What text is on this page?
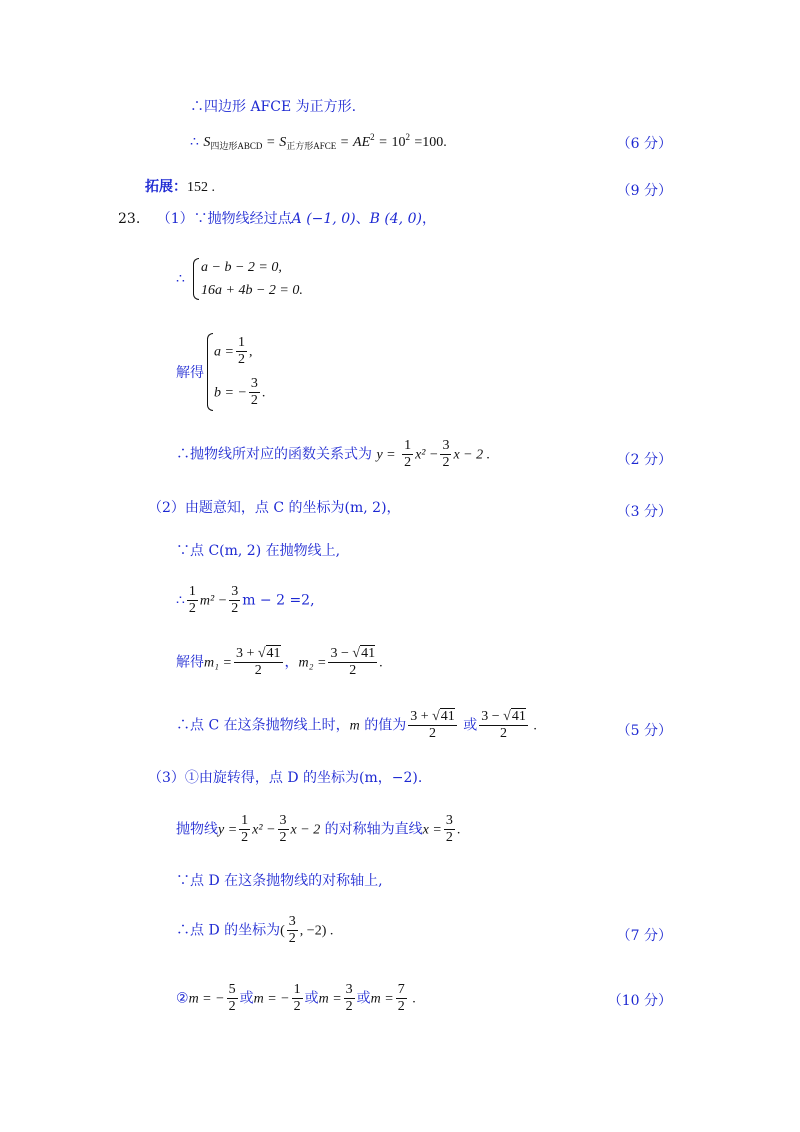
∴四边形 AFCE 为正方形.
∴ $S_{四边形ABCD} = S_{正方形AFCE} = AE^2 = 10^2 =100$.	（6 分）
拓展：152 .	（9 分）
23. （1）∵抛物线经过点A (−1, 0)、B (4, 0)，
∴
a − b − 2 = 0,
16a + 4b − 2 = 0.
解得
$a = \frac{1}{2}$ ,
b = − $\frac{3}{2}$ .
∴抛物线所对应的函数关系式为 $y = \frac{1}{2} x^2 - \frac{3}{2}$ x − 2 .	（2 分）
（2）由题意知，点 C 的坐标为(m, 2)，	（3 分）
∵点 C(m, 2) 在抛物线上,
∴ $\frac{1}{2} m^2 - \frac{3}{2}$ m − 2 =2,
解得$m_1 = \frac{3 + √41}{2}$ ，$m_2 = \frac{3 - √41}{2}$ .
∴点 C 在这条抛物线上时，m 的值为 $\frac{3 + √41}{2}$ 或 $\frac{3 - √41}{2}$ .	（5 分）
（3）①由旋转得，点 D 的坐标为(m，−2).
抛物线$y = \frac{1}{2} x^2 - \frac{3}{2}$ x − 2 的对称轴为直线$x = \frac{3}{2}$ .
∵点 D 在这条抛物线的对称轴上,
∴点 D 的坐标为( $\frac{3}{2}$ , −2) .	（7 分）
②m = − $\frac{5}{2}$ 或m = − $\frac{1}{2}$ 或$m = \frac{3}{2}$ 或$m = \frac{7}{2}$ .	（10 分）
